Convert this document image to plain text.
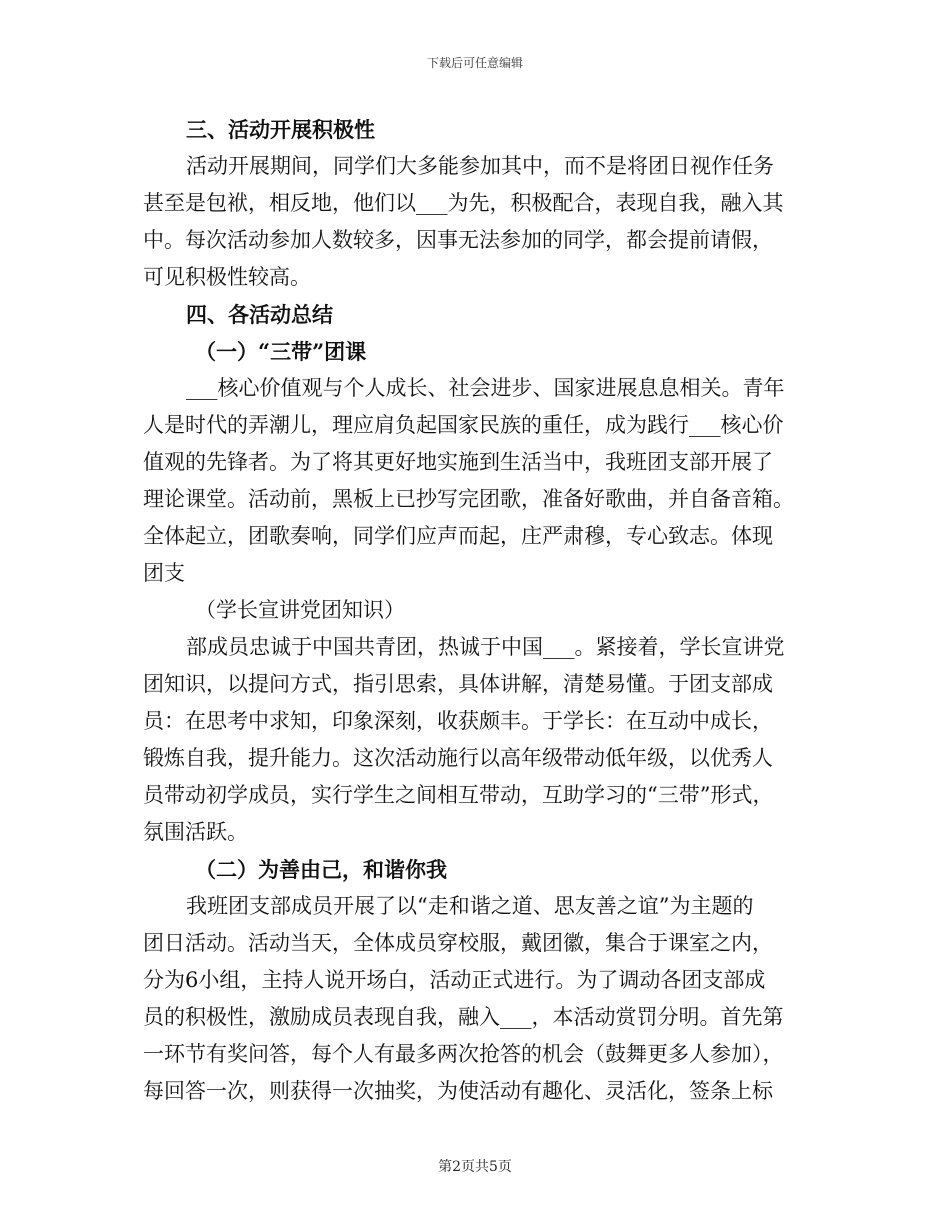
下载后可任意编辑
三、活动开展积极性
活动开展期间，同学们大多能参加其中，而不是将团日视作任务
甚至是包袱，相反地，他们以___为先，积极配合，表现自我，融入其
中。每次活动参加人数较多，因事无法参加的同学，都会提前请假，
可见积极性较高。
四、各活动总结
（一）“三带”团课
___核心价值观与个人成长、社会进步、国家进展息息相关。青年
人是时代的弄潮儿，理应肩负起国家民族的重任，成为践行___核心价
值观的先锋者。为了将其更好地实施到生活当中，我班团支部开展了
理论课堂。活动前，黑板上已抄写完团歌，准备好歌曲，并自备音箱。
全体起立，团歌奏响，同学们应声而起，庄严肃穆，专心致志。体现
团支
（学长宣讲党团知识）
部成员忠诚于中国共青团，热诚于中国___。紧接着，学长宣讲党
团知识，以提问方式，指引思索，具体讲解，清楚易懂。于团支部成
员：在思考中求知，印象深刻，收获颇丰。于学长：在互动中成长，
锻炼自我，提升能力。这次活动施行以高年级带动低年级，以优秀人
员带动初学成员，实行学生之间相互带动，互助学习的“三带”形式，
氛围活跃。
（二）为善由己，和谐你我
我班团支部成员开展了以“走和谐之道、思友善之谊”为主题的
团日活动。活动当天，全体成员穿校服，戴团徽，集合于课室之内，
分为6小组，主持人说开场白，活动正式进行。为了调动各团支部成
员的积极性，激励成员表现自我，融入___，本活动赏罚分明。首先第
一环节有奖问答，每个人有最多两次抢答的机会（鼓舞更多人参加），
每回答一次，则获得一次抽奖，为使活动有趣化、灵活化，签条上标
第2页共5页
